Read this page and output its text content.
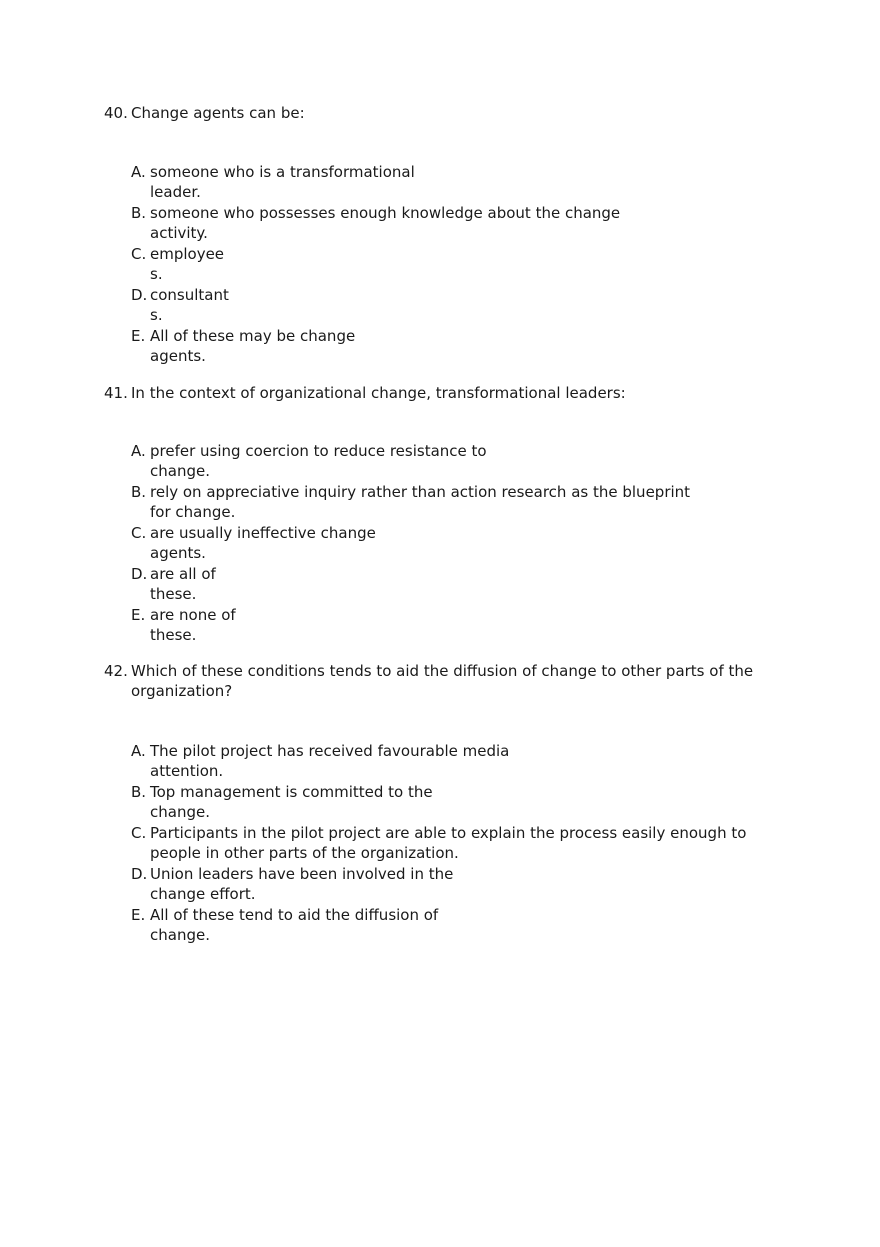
40. Change agents can be:
A. someone who is a transformational leader.
B. someone who possesses enough knowledge about the change activity.
C. employees.
D. consultants.
E. All of these may be change agents.
41. In the context of organizational change, transformational leaders:
A. prefer using coercion to reduce resistance to change.
B. rely on appreciative inquiry rather than action research as the blueprint for change.
C. are usually ineffective change agents.
D. are all of these.
E. are none of these.
42. Which of these conditions tends to aid the diffusion of change to other parts of the organization?
A. The pilot project has received favourable media attention.
B. Top management is committed to the change.
C. Participants in the pilot project are able to explain the process easily enough to people in other parts of the organization.
D. Union leaders have been involved in the change effort.
E. All of these tend to aid the diffusion of change.
